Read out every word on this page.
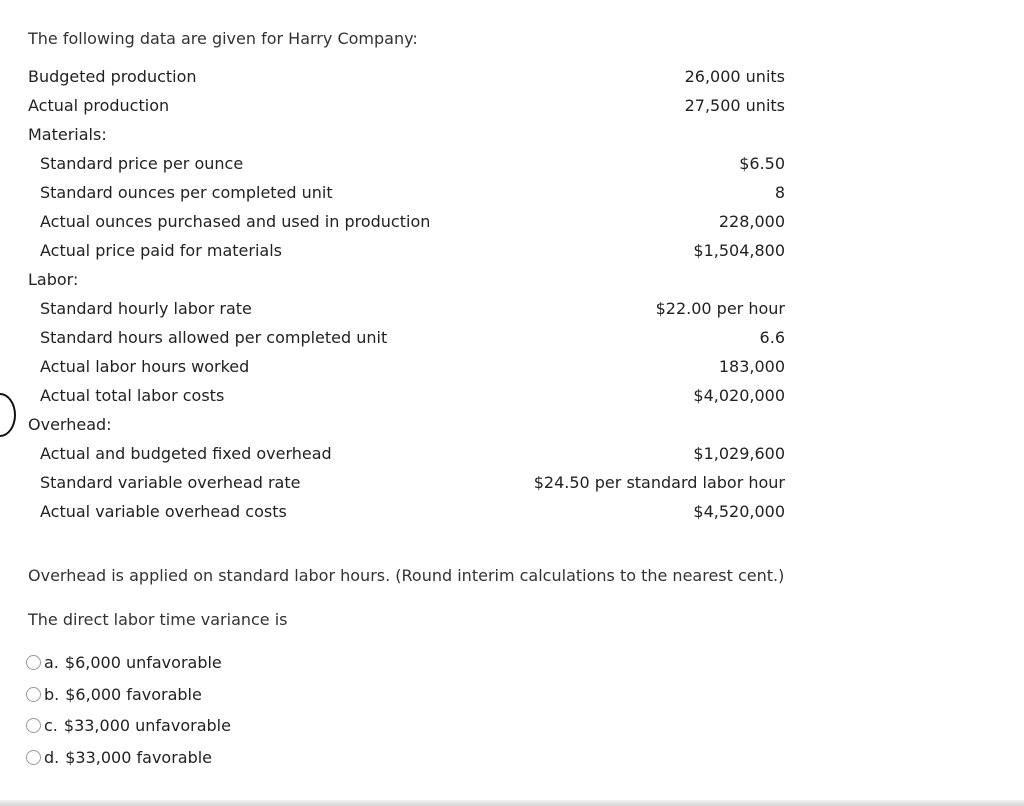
The following data are given for Harry Company:
Budgeted production	26,000 units
Actual production	27,500 units
Materials:
Standard price per ounce	$6.50
Standard ounces per completed unit	8
Actual ounces purchased and used in production	228,000
Actual price paid for materials	$1,504,800
Labor:
Standard hourly labor rate	$22.00 per hour
Standard hours allowed per completed unit	6.6
Actual labor hours worked	183,000
Actual total labor costs	$4,020,000
Overhead:
Actual and budgeted fixed overhead	$1,029,600
Standard variable overhead rate	$24.50 per standard labor hour
Actual variable overhead costs	$4,520,000
Overhead is applied on standard labor hours. (Round interim calculations to the nearest cent.)
The direct labor time variance is
a. $6,000 unfavorable
b. $6,000 favorable
c. $33,000 unfavorable
d. $33,000 favorable
